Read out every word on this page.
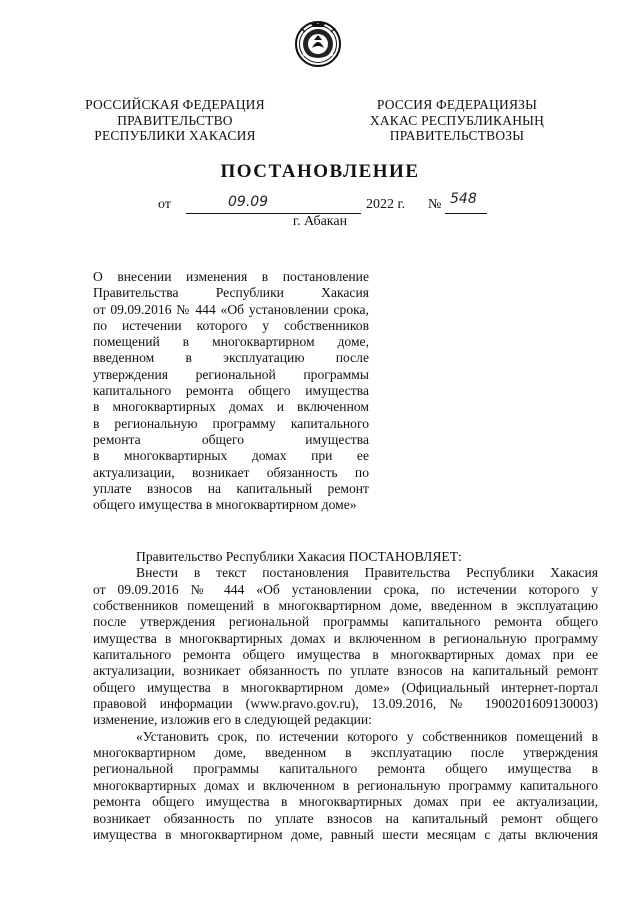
РОССИЙСКАЯ ФЕДЕРАЦИЯ
ПРАВИТЕЛЬСТВО
РЕСПУБЛИКИ ХАКАСИЯ
РОССИЯ ФЕДЕРАЦИЯЗЫ
ХАКАС РЕСПУБЛИКАНЫҢ
ПРАВИТЕЛЬСТВОЗЫ
ПОСТАНОВЛЕНИЕ
от	09.09	2022 г. № 548
г. Абакан
О внесении изменения в постановление
Правительства Республики Хакасия
от 09.09.2016 № 444 «Об установлении срока,
по истечении которого у собственников
помещений в многоквартирном доме,
введенном в эксплуатацию после
утверждения региональной программы
капитального ремонта общего имущества
в многоквартирных домах и включенном
в региональную программу капитального
ремонта общего имущества
в многоквартирных домах при ее
актуализации, возникает обязанность по
уплате взносов на капитальный ремонт
общего имущества в многоквартирном доме»
Правительство Республики Хакасия ПОСТАНОВЛЯЕТ:
Внести в текст постановления Правительства Республики Хакасия
от 09.09.2016 № 444 «Об установлении срока, по истечении которого у
собственников помещений в многоквартирном доме, введенном в эксплуатацию
после утверждения региональной программы капитального ремонта общего
имущества в многоквартирных домах и включенном в региональную программу
капитального ремонта общего имущества в многоквартирных домах при ее
актуализации, возникает обязанность по уплате взносов на капитальный ремонт
общего имущества в многоквартирном доме» (Официальный интернет-портал
правовой информации (www.pravo.gov.ru), 13.09.2016, № 1900201609130003)
изменение, изложив его в следующей редакции:
«Установить срок, по истечении которого у собственников помещений в
многоквартирном доме, введенном в эксплуатацию после утверждения
региональной программы капитального ремонта общего имущества в
многоквартирных домах и включенном в региональную программу капитального
ремонта общего имущества в многоквартирных домах при ее актуализации,
возникает обязанность по уплате взносов на капитальный ремонт общего
имущества в многоквартирном доме, равный шести месяцам с даты включения
